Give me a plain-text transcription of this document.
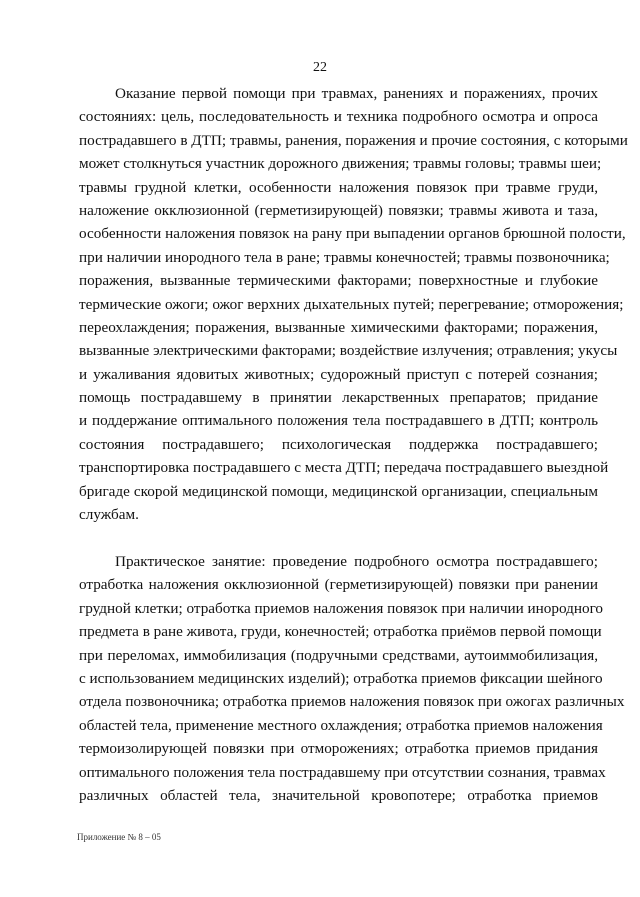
22
Оказание первой помощи при травмах, ранениях и поражениях, прочих
состояниях: цель, последовательность и техника подробного осмотра и опроса
пострадавшего в ДТП; травмы, ранения, поражения и прочие состояния, с которыми
может столкнуться участник дорожного движения; травмы головы; травмы шеи;
травмы грудной клетки, особенности наложения повязок при травме груди,
наложение окклюзионной (герметизирующей) повязки; травмы живота и таза,
особенности наложения повязок на рану при выпадении органов брюшной полости,
при наличии инородного тела в ране; травмы конечностей; травмы позвоночника;
поражения, вызванные термическими факторами; поверхностные и глубокие
термические ожоги; ожог верхних дыхательных путей; перегревание; отморожения;
переохлаждения; поражения, вызванные химическими факторами; поражения,
вызванные электрическими факторами; воздействие излучения; отравления; укусы
и ужаливания ядовитых животных; судорожный приступ с потерей сознания;
помощь пострадавшему в принятии лекарственных препаратов; придание
и поддержание оптимального положения тела пострадавшего в ДТП; контроль
состояния пострадавшего; психологическая поддержка пострадавшего;
транспортировка пострадавшего с места ДТП; передача пострадавшего выездной
бригаде скорой медицинской помощи, медицинской организации, специальным
службам.
Практическое занятие: проведение подробного осмотра пострадавшего;
отработка наложения окклюзионной (герметизирующей) повязки при ранении
грудной клетки; отработка приемов наложения повязок при наличии инородного
предмета в ране живота, груди, конечностей; отработка приёмов первой помощи
при переломах, иммобилизация (подручными средствами, аутоиммобилизация,
с использованием медицинских изделий); отработка приемов фиксации шейного
отдела позвоночника; отработка приемов наложения повязок при ожогах различных
областей тела, применение местного охлаждения; отработка приемов наложения
термоизолирующей повязки при отморожениях; отработка приемов придания
оптимального положения тела пострадавшему при отсутствии сознания, травмах
различных областей тела, значительной кровопотере; отработка приемов
Приложение № 8 – 05
